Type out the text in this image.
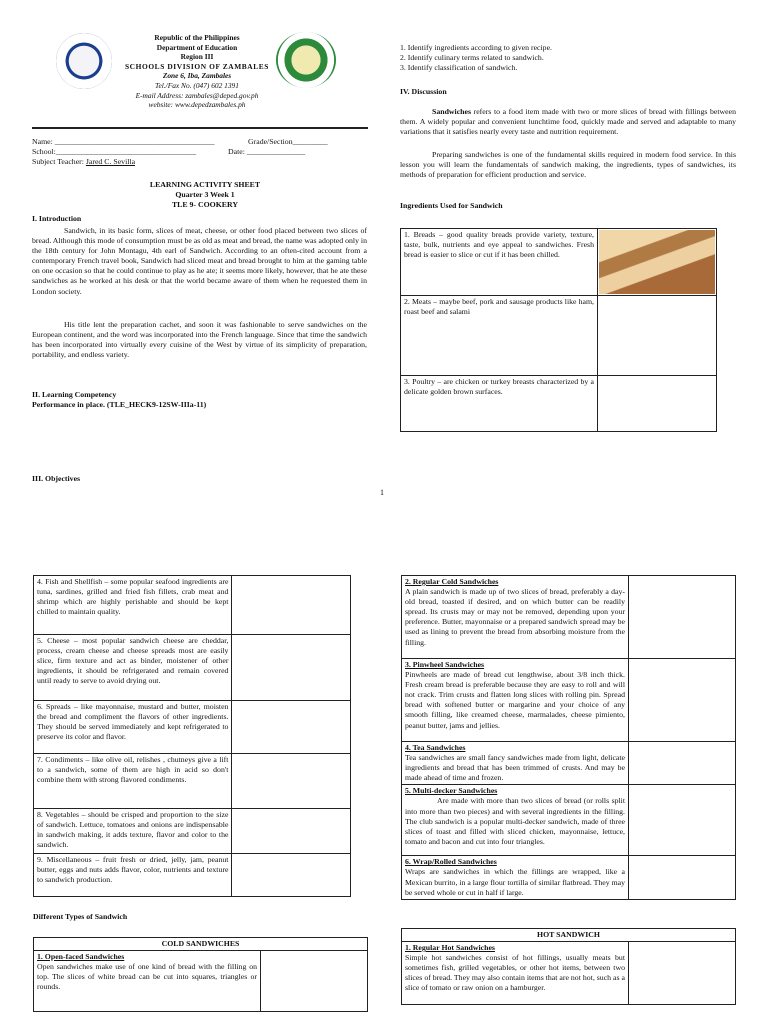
Republic of the Philippines
Department of Education
Region III
SCHOOLS DIVISION OF ZAMBALES
Zone 6, Iba, Zambales
Tel./Fax No. (047) 602 1391
E-mail Address: zambales@deped.gov.ph
website: www.depedzambales.ph
Name: _________________________________________	Grade/Section_________
School:____________________________________	Date: _______________
Subject Teacher: Jared C. Sevilla
LEARNING ACTIVITY SHEET
Quarter 3 Week 1
TLE 9- COOKERY
I. Introduction
Sandwich, in its basic form, slices of meat, cheese, or other food placed between two slices of bread. Although this mode of consumption must be as old as meat and bread, the name was adopted only in the 18th century for John Montagu, 4th earl of Sandwich. According to an often-cited account from a contemporary French travel book, Sandwich had sliced meat and bread brought to him at the gaming table on one occasion so that he could continue to play as he ate; it seems more likely, however, that he ate these sandwiches as he worked at his desk or that the world became aware of them when he requested them in London society.
His title lent the preparation cachet, and soon it was fashionable to serve sandwiches on the European continent, and the word was incorporated into the French language. Since that time the sandwich has been incorporated into virtually every cuisine of the West by virtue of its simplicity of preparation, portability, and endless variety.
II. Learning Competency
Performance in place. (TLE_HECK9-12SW-IIIa-11)
III. Objectives
1. Identify ingredients according to given recipe.
2. Identify culinary terms related to sandwich.
3. Identify classification of sandwich.
IV. Discussion
Sandwiches refers to a food item made with two or more slices of bread with fillings between them. A widely popular and convenient lunchtime food, quickly made and served and adaptable to many variations that it satisfies nearly every taste and nutrition requirement.
Preparing sandwiches is one of the fundamental skills required in modern food service. In this lesson you will learn the fundamentals of sandwich making, the ingredients, types of sandwiches, its methods of preparation for efficient production and service.
Ingredients Used for Sandwich
1. Breads – good quality breads provide variety, texture, taste, bulk, nutrients and eye appeal to sandwiches. Fresh bread is easier to slice or cut if it has been chilled.	

2. Meats – maybe beef, pork and sausage products like ham, roast beef and salami	

3. Poultry – are chicken or turkey breasts characterized by a delicate golden brown surfaces.	
1
4. Fish and Shellfish – some popular seafood ingredients are tuna, sardines, grilled and fried fish fillets, crab meat and shrimp which are highly perishable and should be kept chilled to maintain quality.	

5. Cheese – most popular sandwich cheese are cheddar, process, cream cheese and cheese spreads most are easily slice, firm texture and act as binder, moistener of other ingredients, it should be refrigerated and remain covered until ready to serve to avoid drying out.	

6. Spreads – like mayonnaise, mustard and butter, moisten the bread and compliment the flavors of other ingredients. They should be served immediately and kept refrigerated to preserve its color and flavor.	

7. Condiments – like olive oil, relishes , chutneys give a lift to a sandwich, some of them are high in acid so don't combine them with strong flavored condiments.	

8. Vegetables – should be crisped and proportion to the size of sandwich. Lettuce, tomatoes and onions are indispensable in sandwich making, it adds texture, flavor and color to the sandwich.	

9. Miscellaneous – fruit fresh or dried, jelly, jam, peanut butter, eggs and nuts adds flavor, color, nutrients and texture to sandwich production.	
Different Types of Sandwich
COLD SANDWICHES

1. Open-faced Sandwiches
Open sandwiches make use of one kind of bread with the filling on top. The slices of white bread can be cut into squares, triangles or rounds.

2. Regular Cold Sandwiches
A plain sandwich is made up of two slices of bread, preferably a day-old bread, toasted if desired, and on which butter can be readily spread. Its crusts may or may not be removed, depending upon your preference. Butter, mayonnaise or a prepared sandwich spread may be used as lining to prevent the bread from absorbing moisture from the filling.	

3. Pinwheel Sandwiches
Pinwheels are made of bread cut lengthwise, about 3/8 inch thick. Fresh cream bread is preferable because they are easy to roll and will not crack. Trim crusts and flatten long slices with rolling pin. Spread bread with softened butter or margarine and your choice of any smooth filling, like creamed cheese, marmalades, cheese pimiento, peanut butter, jams and jellies.	

4. Tea Sandwiches
Tea sandwiches are small fancy sandwiches made from light, delicate ingredients and bread that has been trimmed of crusts. And may be made ahead of time and frozen.	

5. Multi-decker Sandwiches
Are made with more than two slices of bread (or rolls split into more than two pieces) and with several ingredients in the filling. The club sandwich is a popular multi-decker sandwich, made of three slices of toast and filled with sliced chicken, mayonnaise, lettuce, tomato and bacon and cut into four triangles.	

6. Wrap/Rolled Sandwiches
Wraps are sandwiches in which the fillings are wrapped, like a Mexican burrito, in a large flour tortilla of similar flatbread. They may be served whole or cut in half if large.	

HOT SANDWICH

1. Regular Hot Sandwiches
Simple hot sandwiches consist of hot fillings, usually meats but sometimes fish, grilled vegetables, or other hot items, between two slices of bread. They may also contain items that are not hot, such as a slice of tomato or raw onion on a hamburger.
